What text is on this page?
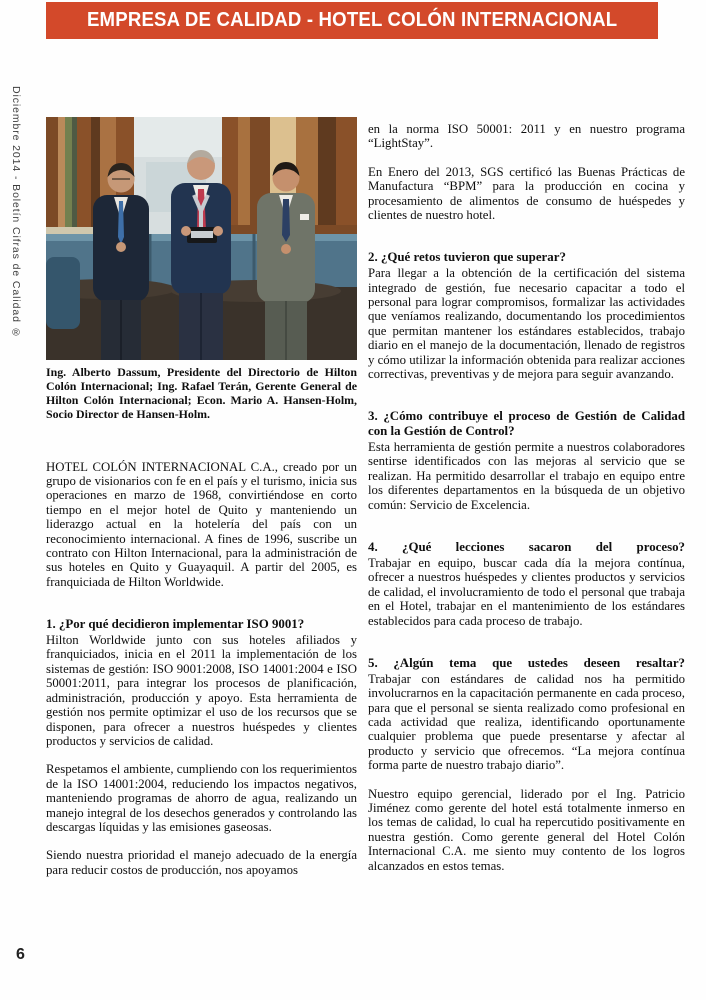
EMPRESA DE CALIDAD - HOTEL COLÓN INTERNACIONAL
Diciembre 2014 - Boletín Cifras de Calidad ®
Ing. Alberto Dassum, Presidente del Directorio de Hilton Colón Internacional; Ing. Rafael Terán, Gerente General de Hilton Colón Internacional; Econ. Mario A. Hansen-Holm, Socio Director de Hansen-Holm.

HOTEL COLÓN INTERNACIONAL C.A., creado por un grupo de visionarios con fe en el país y el turismo, inicia sus operaciones en marzo de 1968, convirtiéndose en corto tiempo en el mejor hotel de Quito y manteniendo un liderazgo actual en la hotelería del país con un reconocimiento internacional. A fines de 1996, suscribe un contrato con Hilton Internacional, para la administración de sus hoteles en Quito y Guayaquil. A partir del 2005, es franquiciada de Hilton Worldwide.

1. ¿Por qué decidieron implementar ISO 9001?

Hilton Worldwide junto con sus hoteles afiliados y franquiciados, inicia en el 2011 la implementación de los sistemas de gestión: ISO 9001:2008, ISO 14001:2004 e ISO 50001:2011, para integrar los procesos de planificación, administración, producción y apoyo. Esta herramienta de gestión nos permite optimizar el uso de los recursos que se disponen, para ofrecer a nuestros huéspedes y clientes productos y servicios de calidad.

Respetamos el ambiente, cumpliendo con los requerimientos de la ISO 14001:2004, reduciendo los impactos negativos, manteniendo programas de ahorro de agua, realizando un manejo integral de los desechos generados y controlando las descargas líquidas y las emisiones gaseosas.

Siendo nuestra prioridad el manejo adecuado de la energía para reducir costos de producción, nos apoyamos

en la norma ISO 50001: 2011 y en nuestro programa “LightStay”.

En Enero del 2013, SGS certificó las Buenas Prácticas de Manufactura “BPM” para la producción en cocina y procesamiento de alimentos de consumo de huéspedes y clientes de nuestro hotel.

2. ¿Qué retos tuvieron que superar?

Para llegar a la obtención de la certificación del sistema integrado de gestión, fue necesario capacitar a todo el personal para lograr compromisos, formalizar las actividades que veníamos realizando, documentando los procedimientos que permitan mantener los estándares establecidos, trabajo diario en el manejo de la documentación, llenado de registros y cómo utilizar la información obtenida para realizar acciones correctivas, preventivas y de mejora para seguir avanzando.

3. ¿Cómo contribuye el proceso de Gestión de Calidad con la Gestión de Control?

Esta herramienta de gestión permite a nuestros colaboradores sentirse identificados con las mejoras al servicio que se realizan. Ha permitido desarrollar el trabajo en equipo entre los diferentes departamentos en la búsqueda de un objetivo común: Servicio de Excelencia.

4. ¿Qué lecciones sacaron del proceso?

Trabajar en equipo, buscar cada día la mejora contínua, ofrecer a nuestros huéspedes y clientes productos y servicios de calidad, el involucramiento de todo el personal que trabaja en el Hotel, trabajar en el mantenimiento de los estándares establecidos para cada proceso de trabajo.

5. ¿Algún tema que ustedes deseen resaltar?

Trabajar con estándares de calidad nos ha permitido involucrarnos en la capacitación permanente en cada proceso, para que el personal se sienta realizado como profesional en cada actividad que realiza, identificando oportunamente cualquier problema que puede presentarse y afectar al producto y servicio que ofrecemos. “La mejora contínua forma parte de nuestro trabajo diario”.

Nuestro equipo gerencial, liderado por el Ing. Patricio Jiménez como gerente del hotel está totalmente inmerso en los temas de calidad, lo cual ha repercutido positivamente en nuestra gestión. Como gerente general del Hotel Colón Internacional C.A. me siento muy contento de los logros alcanzados en estos temas.

6
